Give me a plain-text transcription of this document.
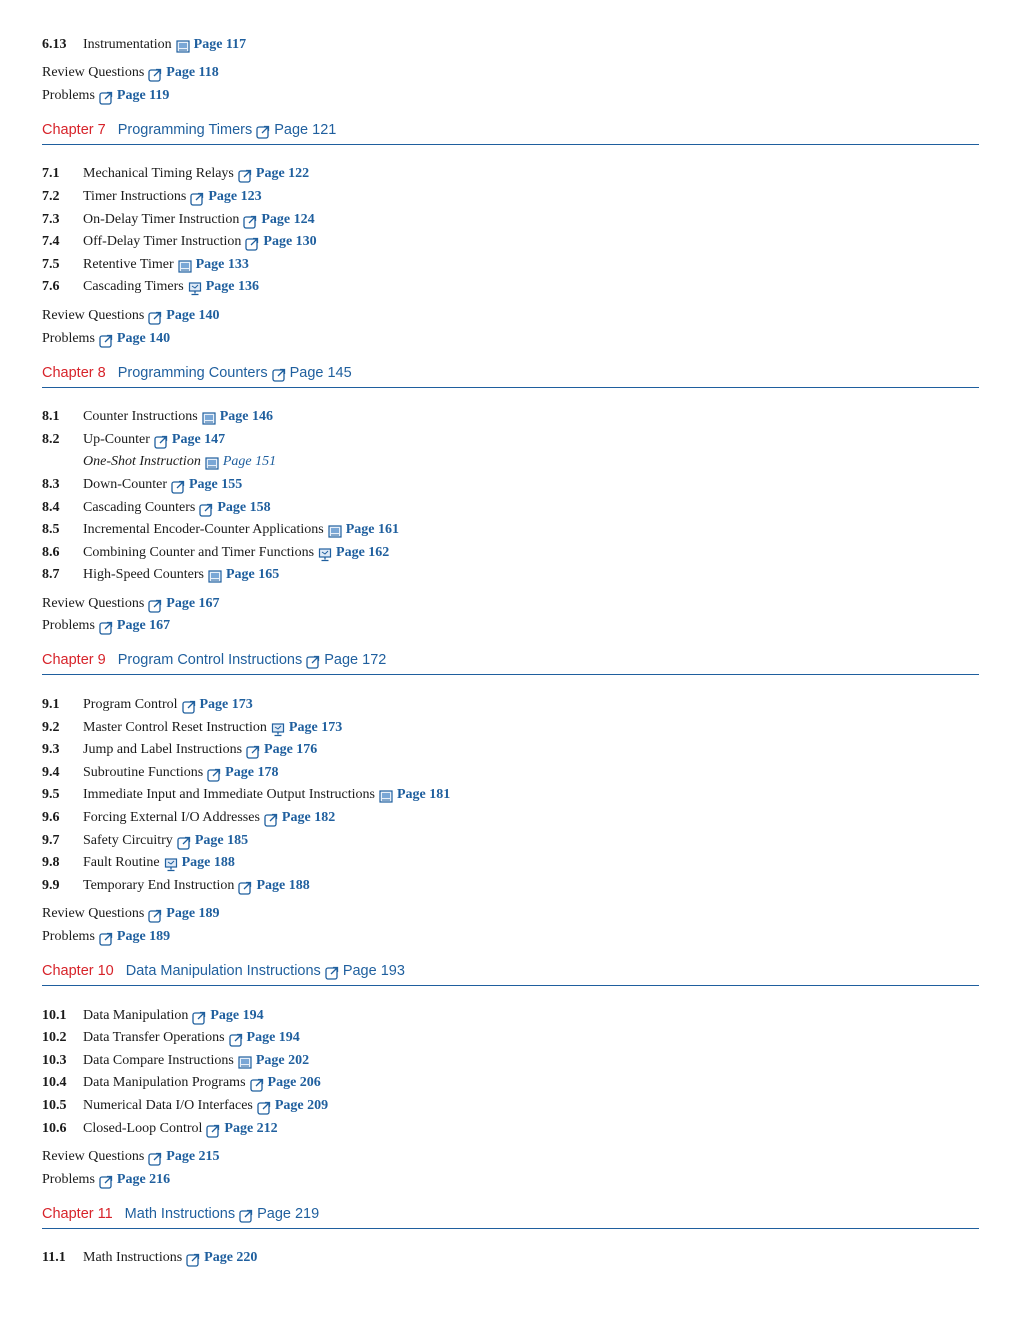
6.13	Instrumentation Page 117
Review Questions Page 118
Problems Page 119
Chapter 7 Programming Timers Page 121
7.1	Mechanical Timing Relays Page 122
7.2	Timer Instructions Page 123
7.3	On-Delay Timer Instruction Page 124
7.4	Off-Delay Timer Instruction Page 130
7.5	Retentive Timer Page 133
7.6	Cascading Timers Page 136
Review Questions Page 140
Problems Page 140
Chapter 8 Programming Counters Page 145
8.1	Counter Instructions Page 146
8.2	Up-Counter Page 147
One-Shot Instruction Page 151
8.3	Down-Counter Page 155
8.4	Cascading Counters Page 158
8.5	Incremental Encoder-Counter Applications Page 161
8.6	Combining Counter and Timer Functions Page 162
8.7	High-Speed Counters Page 165
Review Questions Page 167
Problems Page 167
Chapter 9 Program Control Instructions Page 172
9.1	Program Control Page 173
9.2	Master Control Reset Instruction Page 173
9.3	Jump and Label Instructions Page 176
9.4	Subroutine Functions Page 178
9.5	Immediate Input and Immediate Output Instructions Page 181
9.6	Forcing External I/O Addresses Page 182
9.7	Safety Circuitry Page 185
9.8	Fault Routine Page 188
9.9	Temporary End Instruction Page 188
Review Questions Page 189
Problems Page 189
Chapter 10 Data Manipulation Instructions Page 193
10.1	Data Manipulation Page 194
10.2	Data Transfer Operations Page 194
10.3	Data Compare Instructions Page 202
10.4	Data Manipulation Programs Page 206
10.5	Numerical Data I/O Interfaces Page 209
10.6	Closed-Loop Control Page 212
Review Questions Page 215
Problems Page 216
Chapter 11 Math Instructions Page 219
11.1	Math Instructions Page 220
